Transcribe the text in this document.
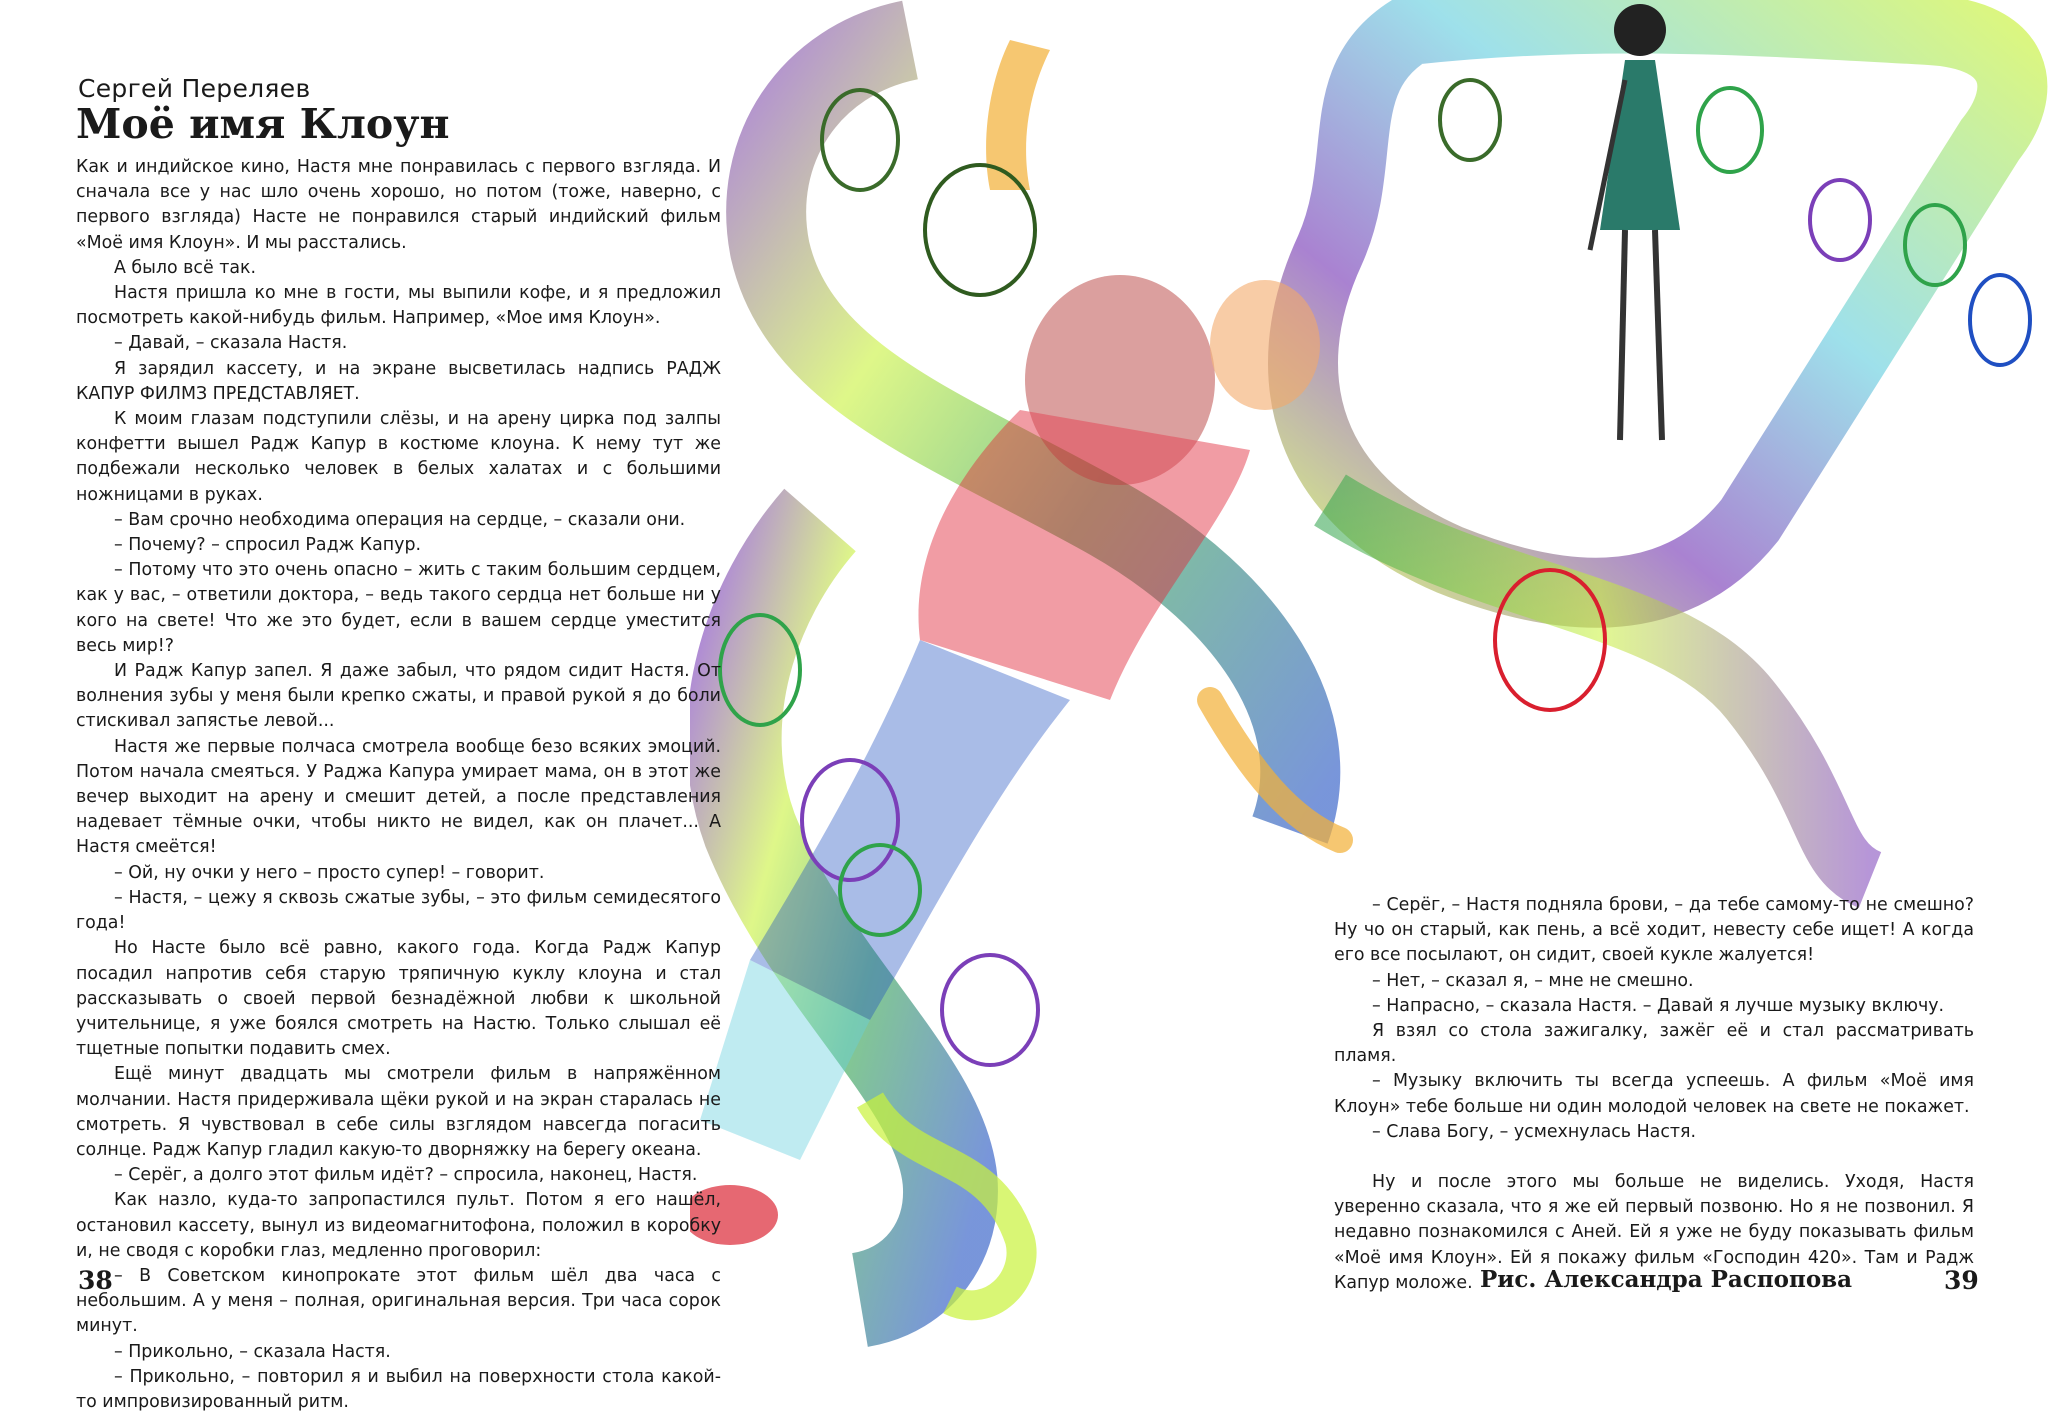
Сергей Переляев
Моё имя Клоун

Как и индийское кино, Настя мне понравилась с первого взгляда. И сначала все у нас шло очень хорошо, но потом (тоже, наверно, с первого взгляда) Насте не понравился старый индийский фильм «Моё имя Клоун». И мы расстались.

А было всё так.

Настя пришла ко мне в гости, мы выпили кофе, и я предложил посмотреть какой-нибудь фильм. Например, «Мое имя Клоун».

– Давай, – сказала Настя.

Я зарядил кассету, и на экране высветилась надпись РАДЖ КАПУР ФИЛМЗ ПРЕДСТАВЛЯЕТ.

К моим глазам подступили слёзы, и на арену цирка под залпы конфетти вышел Радж Капур в костюме клоуна. К нему тут же подбежали несколько человек в белых халатах и с большими ножницами в руках.

– Вам срочно необходима операция на сердце, – сказали они.

– Почему? – спросил Радж Капур.

– Потому что это очень опасно – жить с таким большим сердцем, как у вас, – ответили доктора, – ведь такого сердца нет больше ни у кого на свете! Что же это будет, если в вашем сердце уместится весь мир!?

И Радж Капур запел. Я даже забыл, что рядом сидит Настя. От волнения зубы у меня были крепко сжаты, и правой рукой я до боли стискивал запястье левой...

Настя же первые полчаса смотрела вообще безо всяких эмоций. Потом начала смеяться. У Раджа Капура умирает мама, он в этот же вечер выходит на арену и смешит детей, а после представления надевает тёмные очки, чтобы никто не видел, как он плачет... А Настя смеётся!

– Ой, ну очки у него – просто супер! – говорит.

– Настя, – цежу я сквозь сжатые зубы, – это фильм семидесятого года!

Но Насте было всё равно, какого года. Когда Радж Капур посадил напротив себя старую тряпичную куклу клоуна и стал рассказывать о своей первой безнадёжной любви к школьной учительнице, я уже боялся смотреть на Настю. Только слышал её тщетные попытки подавить смех.

Ещё минут двадцать мы смотрели фильм в напряжённом молчании. Настя придерживала щёки рукой и на экран старалась не смотреть. Я чувствовал в себе силы взглядом навсегда погасить солнце. Радж Капур гладил какую-то дворняжку на берегу океана.

– Серёг, а долго этот фильм идёт? – спросила, наконец, Настя.

Как назло, куда-то запропастился пульт. Потом я его нашёл, остановил кассету, вынул из видеомагнитофона, положил в коробку и, не сводя с коробки глаз, медленно проговорил:

– В Советском кинопрокате этот фильм шёл два часа с небольшим. А у меня – полная, оригинальная версия. Три часа сорок минут.

– Прикольно, – сказала Настя.

– Прикольно, – повторил я и выбил на поверхности стола какой-то импровизированный ритм.

– Серёг, – Настя подняла брови, – да тебе самому-то не смешно? Ну чо он старый, как пень, а всё ходит, невесту себе ищет! А когда его все посылают, он сидит, своей кукле жалуется!

– Нет, – сказал я, – мне не смешно.

– Напрасно, – сказала Настя. – Давай я лучше музыку включу.

Я взял со стола зажигалку, зажёг её и стал рассматривать пламя.

– Музыку включить ты всегда успеешь. А фильм «Моё имя Клоун» тебе больше ни один молодой человек на свете не покажет.

– Слава Богу, – усмехнулась Настя.

Ну и после этого мы больше не виделись. Уходя, Настя уверенно сказала, что я же ей первый позвоню. Но я не позвонил. Я недавно познакомился с Аней. Ей я уже не буду показывать фильм «Моё имя Клоун». Ей я покажу фильм «Господин 420». Там и Радж Капур моложе.

38	Рис. Александра Распопова	39
